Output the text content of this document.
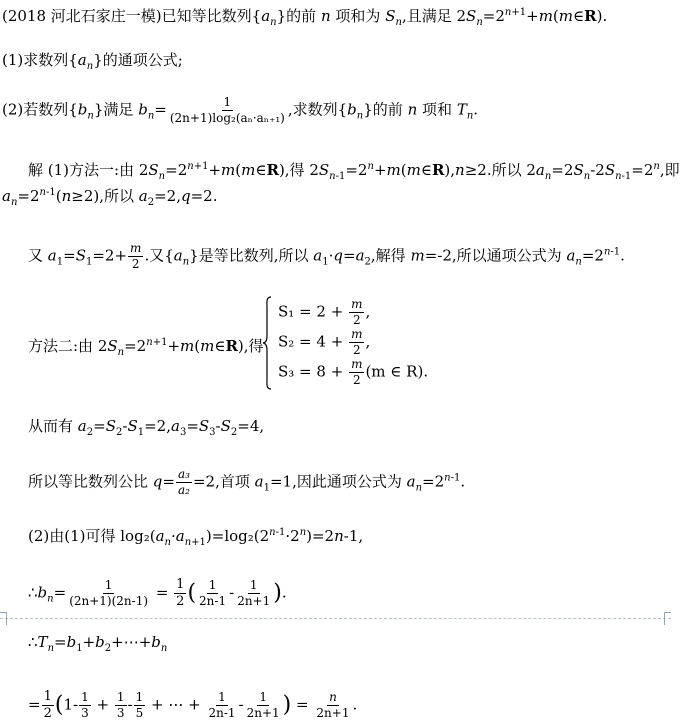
(2018 河北石家庄一模)已知等比数列$\{a_n\}$的前 n 项和为 $S_n$,且满足 $2S_n=2^{n+1}+m(m\in R)$.
(1)求数列$\{a_n\}$的通项公式;
(2)若数列$\{b_n\}$满足 $b_n= \frac{1}{\text{(2n+1)log₂(aₙ·aₙ₊₁)}}$ ,求数列$\{b_n\}$的前 n 项和 $T_n$.
解 (1)方法一:由 $2S_n=2^{n+1}+m(m\in R)$,得 $2S_{n-1}=2^n+m(m\in R),n\ge 2$.所以 $2a_n=2S_n-2S_{n-1}=2^n$,即
$a_n=2^{n-1}(n\ge 2)$,所以 $a_2=2,q=2$.
又 $a_1=S_1=2+ \frac{m}{2}$ .又$\{a_n\}$是等比数列,所以 $a_1\cdot q=a_2$,解得 m=-2,所以通项公式为 $a_n=2^{n-1}$.
方法二:由 $2S_n=2^{n+1}+m(m\in R)$,得
$S_1 = 2 + \frac{m}{2}$ ,
$S_2 = 4 + \frac{m}{2}$ ,
$S_3 = 8 + \frac{m}{2} (m$ ∈ R).
从而有 $a_2=S_2-S_1=2,a_3=S_3-S_2=4$,
所以等比数列公比 $q= \frac{\text{a₃}}{\text{a₂}} =2$,首项 $a_1=1$,因此通项公式为 $a_n=2^{n-1}$.
(2)由(1)可得 $\log_2(a_n\cdot a_{n+1})=\log_2(2^{n-1}\cdot 2^n)=2n-1$,
$\therefore b_n= \frac{1}{(2n+1)(2n-1)} = \frac{1}{2}$ ( $\frac{1}{2n-1} - \frac{1}{2n+1}$ ).
$\therefore T_n=b_1+b_2+\cdots+b_n$
= $\frac{1}{2} (1- \frac{1}{3} + \frac{1}{3} - \frac{1}{5}$ + ⋯ + $\frac{1}{2n-1} - \frac{1}{2n+1}$ ) = $\frac{n}{2n+1}$ .
